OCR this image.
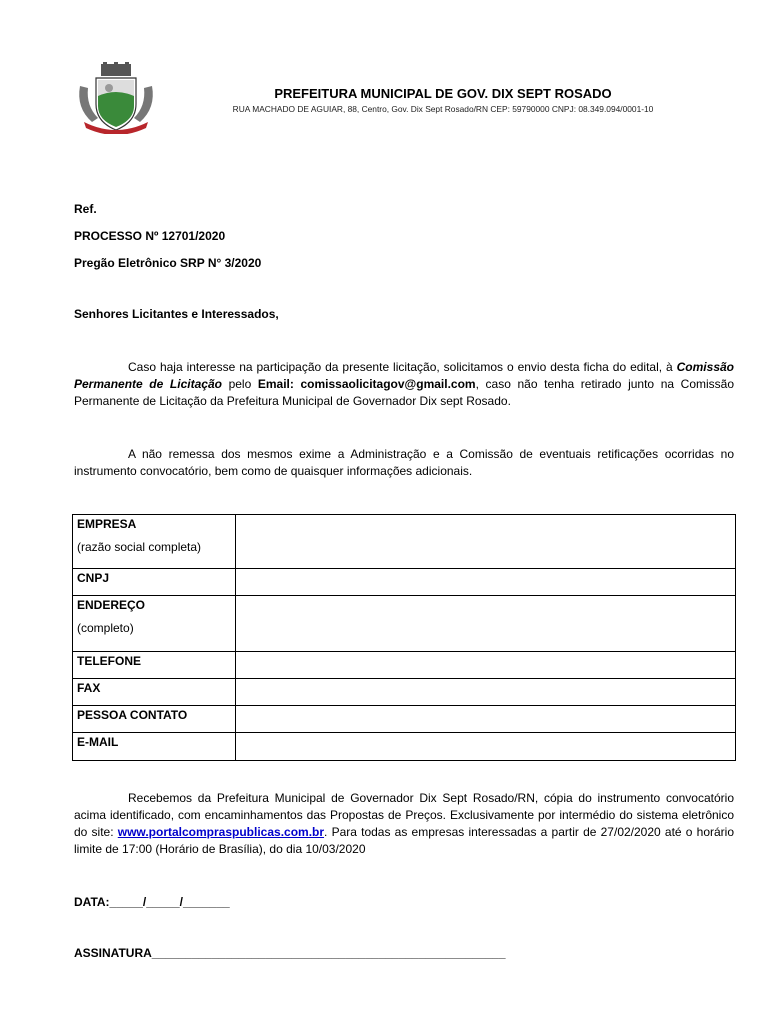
PREFEITURA MUNICIPAL DE GOV. DIX SEPT ROSADO
RUA MACHADO DE AGUIAR, 88, Centro, Gov. Dix Sept Rosado/RN CEP: 59790000 CNPJ: 08.349.094/0001-10
Ref.
PROCESSO Nº 12701/2020
Pregão Eletrônico SRP N° 3/2020
Senhores Licitantes e Interessados,
Caso haja interesse na participação da presente licitação, solicitamos o envio desta ficha do edital, à Comissão Permanente de Licitação pelo Email: comissaolicitagov@gmail.com, caso não tenha retirado junto na Comissão Permanente de Licitação da Prefeitura Municipal de Governador Dix sept Rosado.
A não remessa dos mesmos exime a Administração e a Comissão de eventuais retificações ocorridas no instrumento convocatório, bem como de quaisquer informações adicionais.
EMPRESA
(razão social completa)	

CNPJ	

ENDEREÇO
(completo)	

TELEFONE	

FAX	

PESSOA CONTATO	

E-MAIL	

Recebemos da Prefeitura Municipal de Governador Dix Sept Rosado/RN, cópia do instrumento convocatório acima identificado, com encaminhamentos das Propostas de Preços. Exclusivamente por intermédio do sistema eletrônico do site: www.portalcompraspublicas.com.br. Para todas as empresas interessadas a partir de 27/02/2020 até o horário limite de 17:00 (Horário de Brasília), do dia 10/03/2020
DATA:_____/_____/_______
ASSINATURA_____________________________________________________
